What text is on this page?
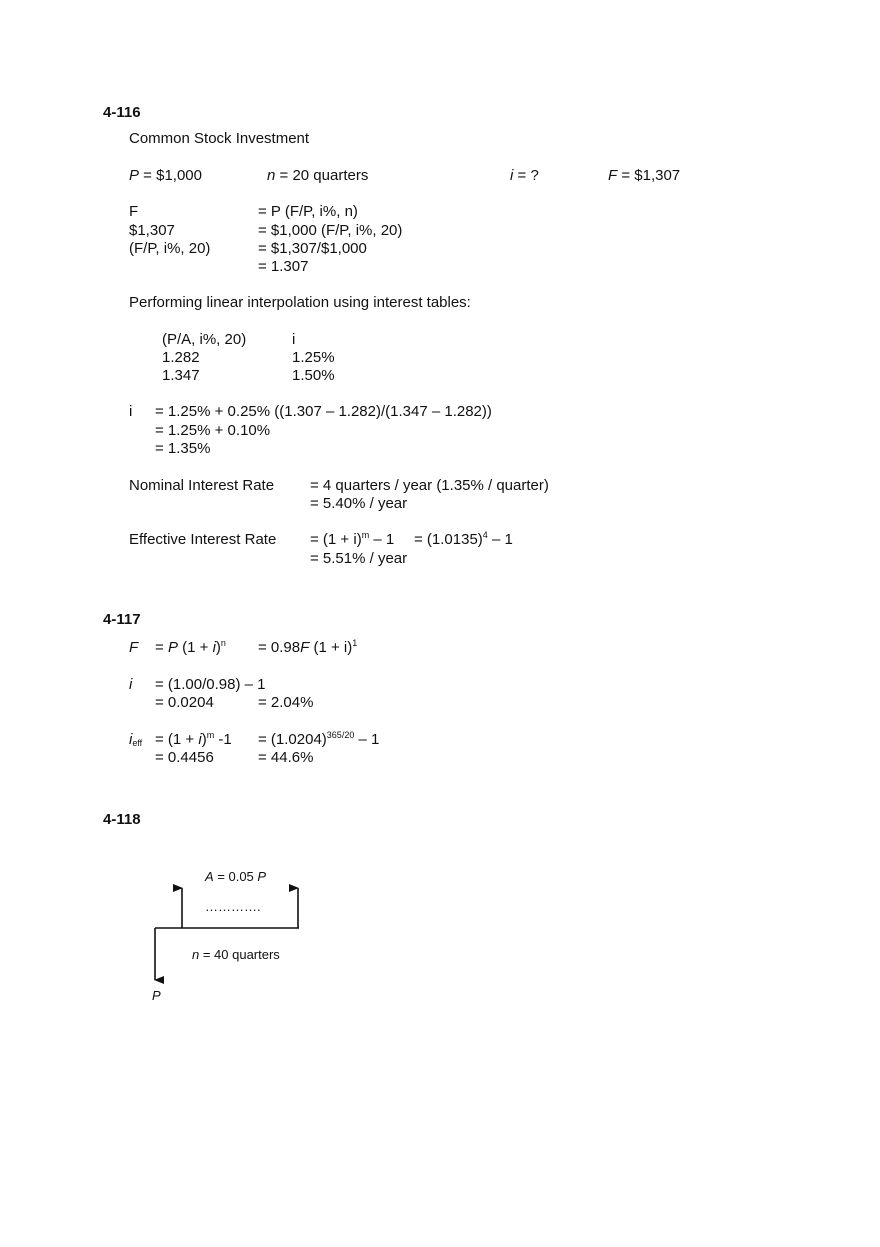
4-116
Common Stock Investment
P = $1,000	n = 20 quarters	i = ?	F = $1,307
F	= P (F/P, i%, n)
$1,307	= $1,000 (F/P, i%, 20)
(F/P, i%, 20)	= $1,307/$1,000
= 1.307
Performing linear interpolation using interest tables:
(P/A, i%, 20)	i
1.282	1.25%
1.347	1.50%
i = 1.25% + 0.25% ((1.307 – 1.282)/(1.347 – 1.282))
= 1.25% + 0.10%
= 1.35%
Nominal Interest Rate = 4 quarters / year (1.35% / quarter)
= 5.40% / year
Effective Interest Rate = $(1 + i)^m - 1 = (1.0135)^4 - 1$
= 5.51% / year
4-117
F = P $(1 + i)^n = 0.98F$ $(1 + i)^1$
i = (1.00/0.98) – 1
= 0.0204	= 2.04%
$i_{eff} = (1 + i)^m$ $-1 = (1.0204)^{365/20} - 1$
= 0.4456	= 44.6%
4-118
A = 0.05 P
………….
n = 40 quarters
P
